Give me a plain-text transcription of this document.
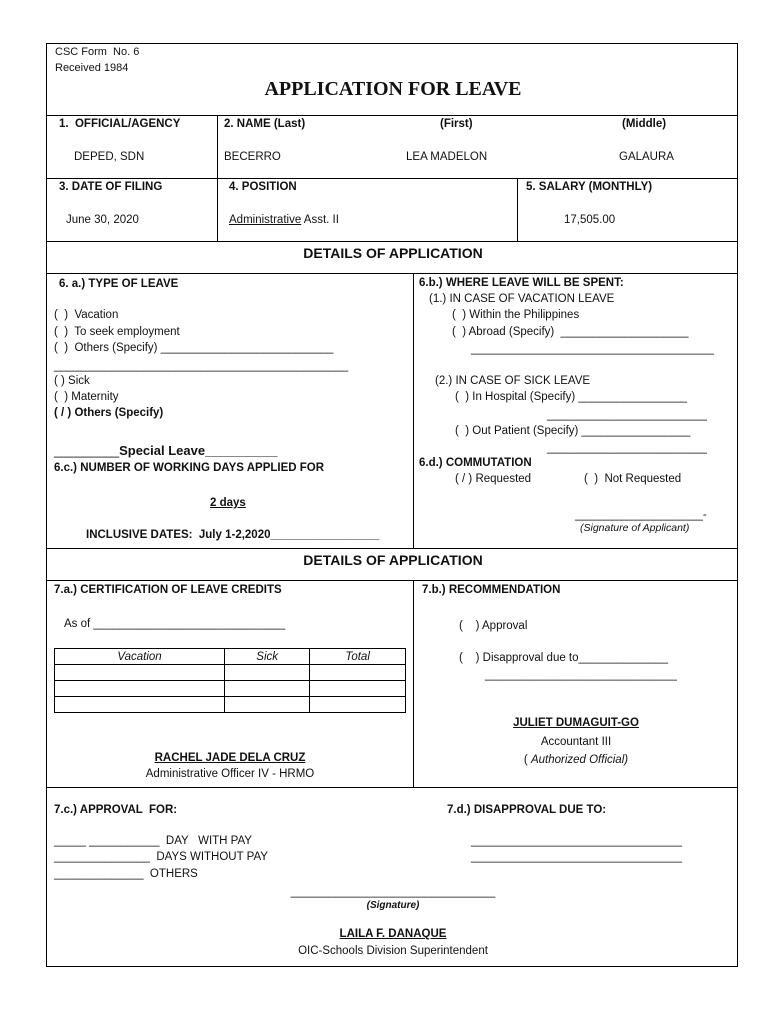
CSC Form  No. 6
Received 1984
APPLICATION FOR LEAVE
1.  OFFICIAL/AGENCY
DEPED, SDN
2. NAME (Last)	(First)	(Middle)
BECERRO	LEA MADELON	GALAURA
3. DATE OF FILING
June 30, 2020
4. POSITION
Administrative Asst. II
5. SALARY (MONTHLY)
17,505.00
DETAILS OF APPLICATION
6. a.) TYPE OF LEAVE
(  )  Vacation
(  )  To seek employment
(  )  Others (Specify) ___________________________
______________________________________________
( ) Sick
(  ) Maternity
( / ) Others (Specify)
_________Special Leave__________
6.c.) NUMBER OF WORKING DAYS APPLIED FOR
2 days
INCLUSIVE DATES:  July 1-2,2020_________________
6.b.) WHERE LEAVE WILL BE SPENT:
(1.) IN CASE OF VACATION LEAVE
(  ) Within the Philippines
(  ) Abroad (Specify)  ____________________
______________________________________
(2.) IN CASE OF SICK LEAVE
(  ) In Hospital (Specify) _________________
_________________________
(  ) Out Patient (Specify) _________________
_________________________
6.d.) COMMUTATION
( / ) Requested	(  )  Not Requested
____________________-
(Signature of Applicant)
DETAILS OF APPLICATION
7.a.) CERTIFICATION OF LEAVE CREDITS
As of ______________________________
Vacation	Sick	Total

RACHEL JADE DELA CRUZ
Administrative Officer IV - HRMO
7.b.) RECOMMENDATION
(    ) Approval
(    ) Disapproval due to______________
______________________________
JULIET DUMAGUIT-GO
Accountant III
( Authorized Official)
7.c.) APPROVAL  FOR:
_____ ___________  DAY   WITH PAY
_______________  DAYS WITHOUT PAY
______________  OTHERS
________________________________
(Signature)
LAILA F. DANAQUE
OIC-Schools Division Superintendent
7.d.) DISAPPROVAL DUE TO:
_________________________________
_________________________________
